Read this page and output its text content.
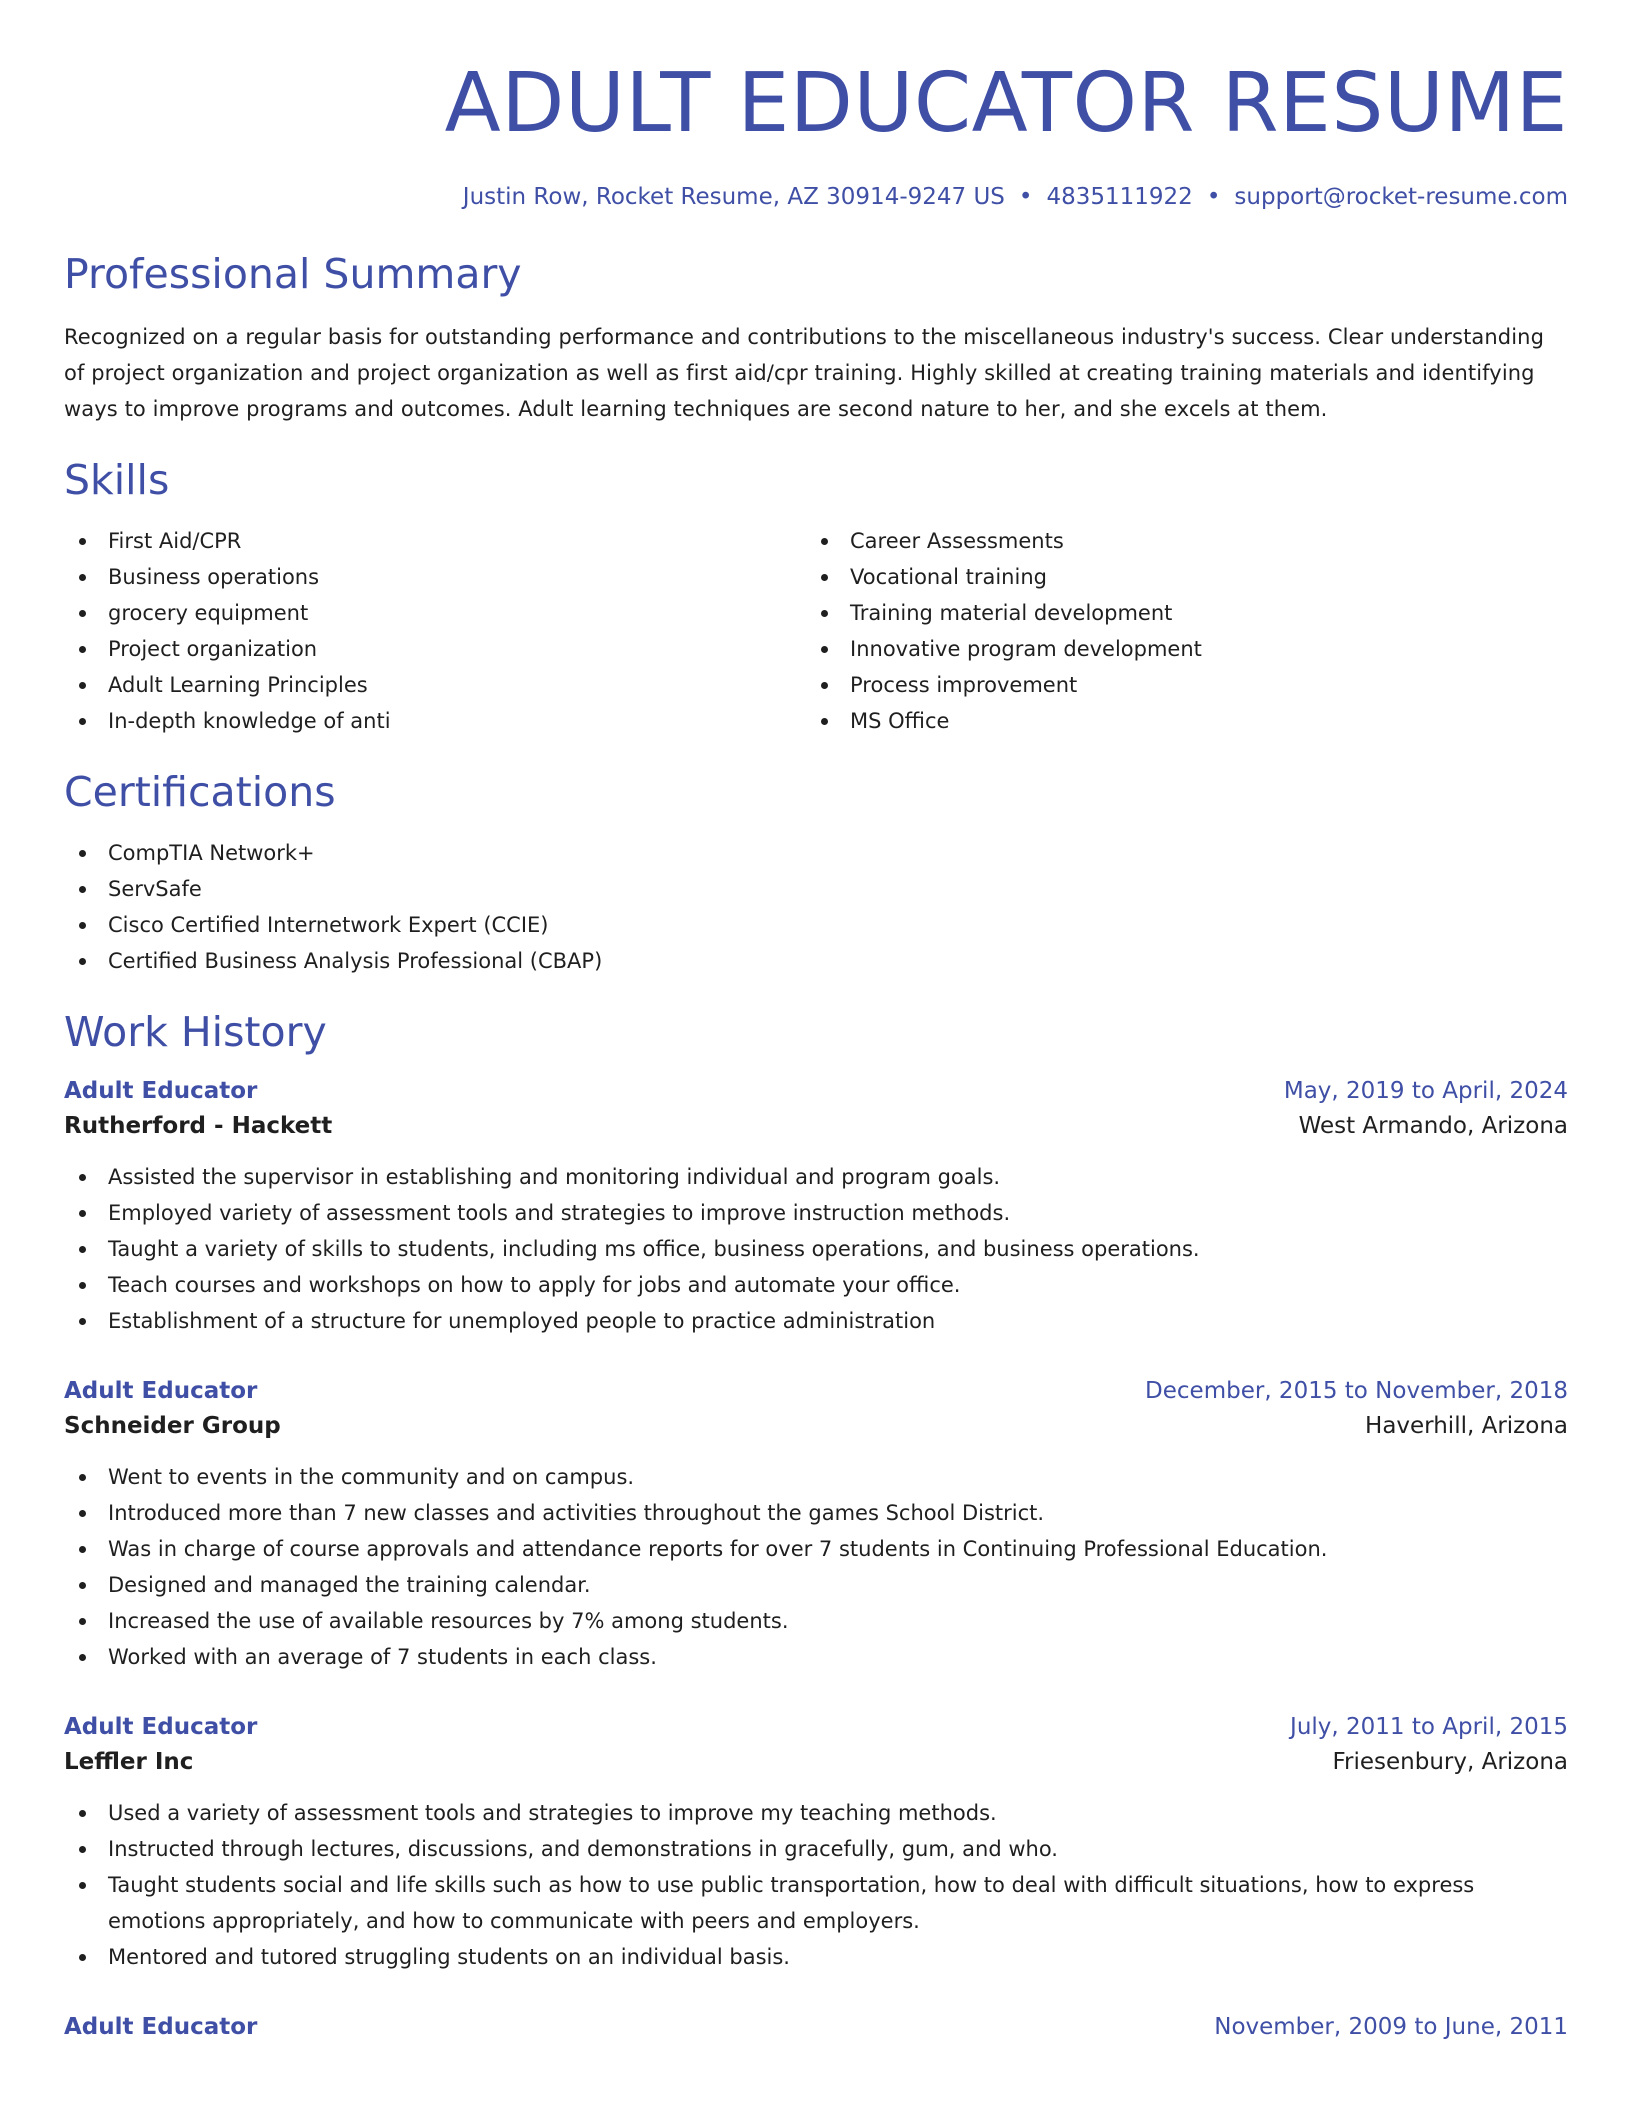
ADULT EDUCATOR RESUME
Justin Row, Rocket Resume, AZ 30914-9247 US • 4835111922 • support@rocket-resume.com
Professional Summary

Recognized on a regular basis for outstanding performance and contributions to the miscellaneous industry's success. Clear understanding of project organization and project organization as well as first aid/cpr training. Highly skilled at creating training materials and identifying ways to improve programs and outcomes. Adult learning techniques are second nature to her, and she excels at them.

Skills
First Aid/CPR
Business operations
grocery equipment
Project organization
Adult Learning Principles
In-depth knowledge of anti
Career Assessments
Vocational training
Training material development
Innovative program development
Process improvement
MS Office
Certifications
CompTIA Network+
ServSafe
Cisco Certified Internetwork Expert (CCIE)
Certified Business Analysis Professional (CBAP)
Work History
Adult Educator	May, 2019 to April, 2024
Rutherford - Hackett	West Armando, Arizona
Assisted the supervisor in establishing and monitoring individual and program goals.
Employed variety of assessment tools and strategies to improve instruction methods.
Taught a variety of skills to students, including ms office, business operations, and business operations.
Teach courses and workshops on how to apply for jobs and automate your office.
Establishment of a structure for unemployed people to practice administration
Adult Educator	December, 2015 to November, 2018
Schneider Group	Haverhill, Arizona
Went to events in the community and on campus.
Introduced more than 7 new classes and activities throughout the games School District.
Was in charge of course approvals and attendance reports for over 7 students in Continuing Professional Education.
Designed and managed the training calendar.
Increased the use of available resources by 7% among students.
Worked with an average of 7 students in each class.
Adult Educator	July, 2011 to April, 2015
Leffler Inc	Friesenbury, Arizona
Used a variety of assessment tools and strategies to improve my teaching methods.
Instructed through lectures, discussions, and demonstrations in gracefully, gum, and who.
Taught students social and life skills such as how to use public transportation, how to deal with difficult situations, how to express emotions appropriately, and how to communicate with peers and employers.
Mentored and tutored struggling students on an individual basis.
Adult Educator	November, 2009 to June, 2011
